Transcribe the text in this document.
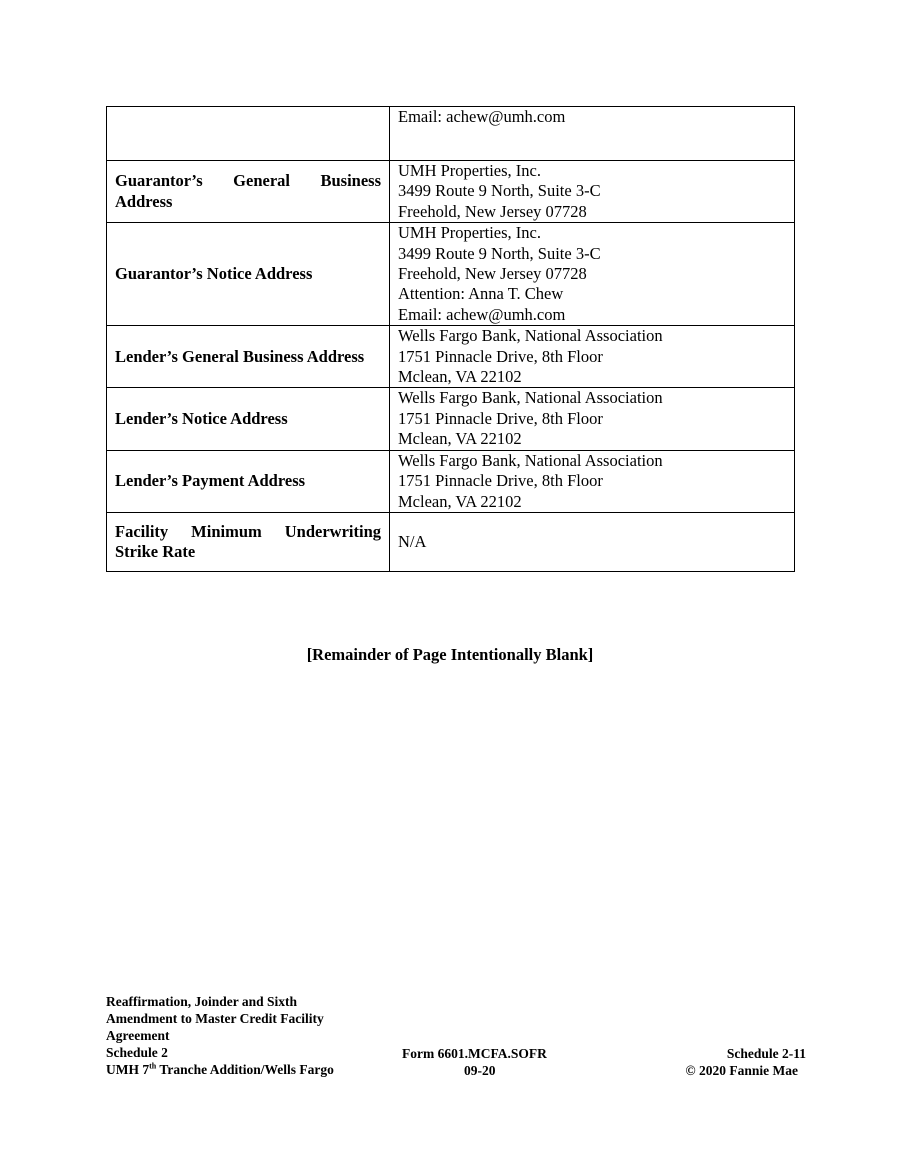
	Email: achew@umh.com

Guarantor’s General Business
Address	UMH Properties, Inc.
3499 Route 9 North, Suite 3-C
Freehold, New Jersey 07728

Guarantor’s Notice Address	UMH Properties, Inc.
3499 Route 9 North, Suite 3-C
Freehold, New Jersey 07728
Attention: Anna T. Chew
Email: achew@umh.com

Lender’s General Business Address	Wells Fargo Bank, National Association
1751 Pinnacle Drive, 8th Floor
Mclean, VA 22102

Lender’s Notice Address	Wells Fargo Bank, National Association
1751 Pinnacle Drive, 8th Floor
Mclean, VA 22102

Lender’s Payment Address	Wells Fargo Bank, National Association
1751 Pinnacle Drive, 8th Floor
Mclean, VA 22102

Facility Minimum Underwriting
Strike Rate	N/A
[Remainder of Page Intentionally Blank]
Reaffirmation, Joinder and Sixth
Amendment to Master Credit Facility
Agreement
Schedule 2
UMH 7th Tranche Addition/Wells Fargo
Form 6601.MCFA.SOFR
09-20
Schedule 2-11
© 2020 Fannie Mae
